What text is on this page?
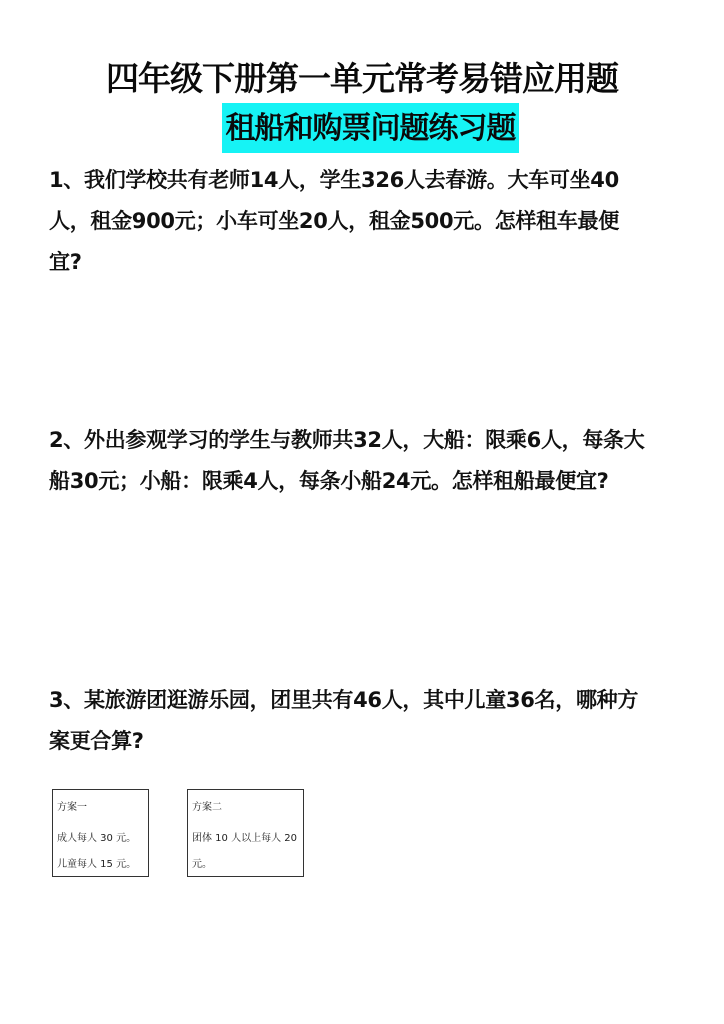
四年级下册第一单元常考易错应用题
租船和购票问题练习题
1、我们学校共有老师14人，学生326人去春游。大车可坐40人，租金900元；小车可坐20人，租金500元。怎样租车最便宜?
2、外出参观学习的学生与教师共32人，大船：限乘6人，每条大船30元；小船：限乘4人，每条小船24元。怎样租船最便宜?
3、某旅游团逛游乐园，团里共有46人，其中儿童36名，哪种方案更合算?
方案一
成人每人 30 元。儿童每人 15 元。
方案二
团体 10 人以上每人 20 元。
